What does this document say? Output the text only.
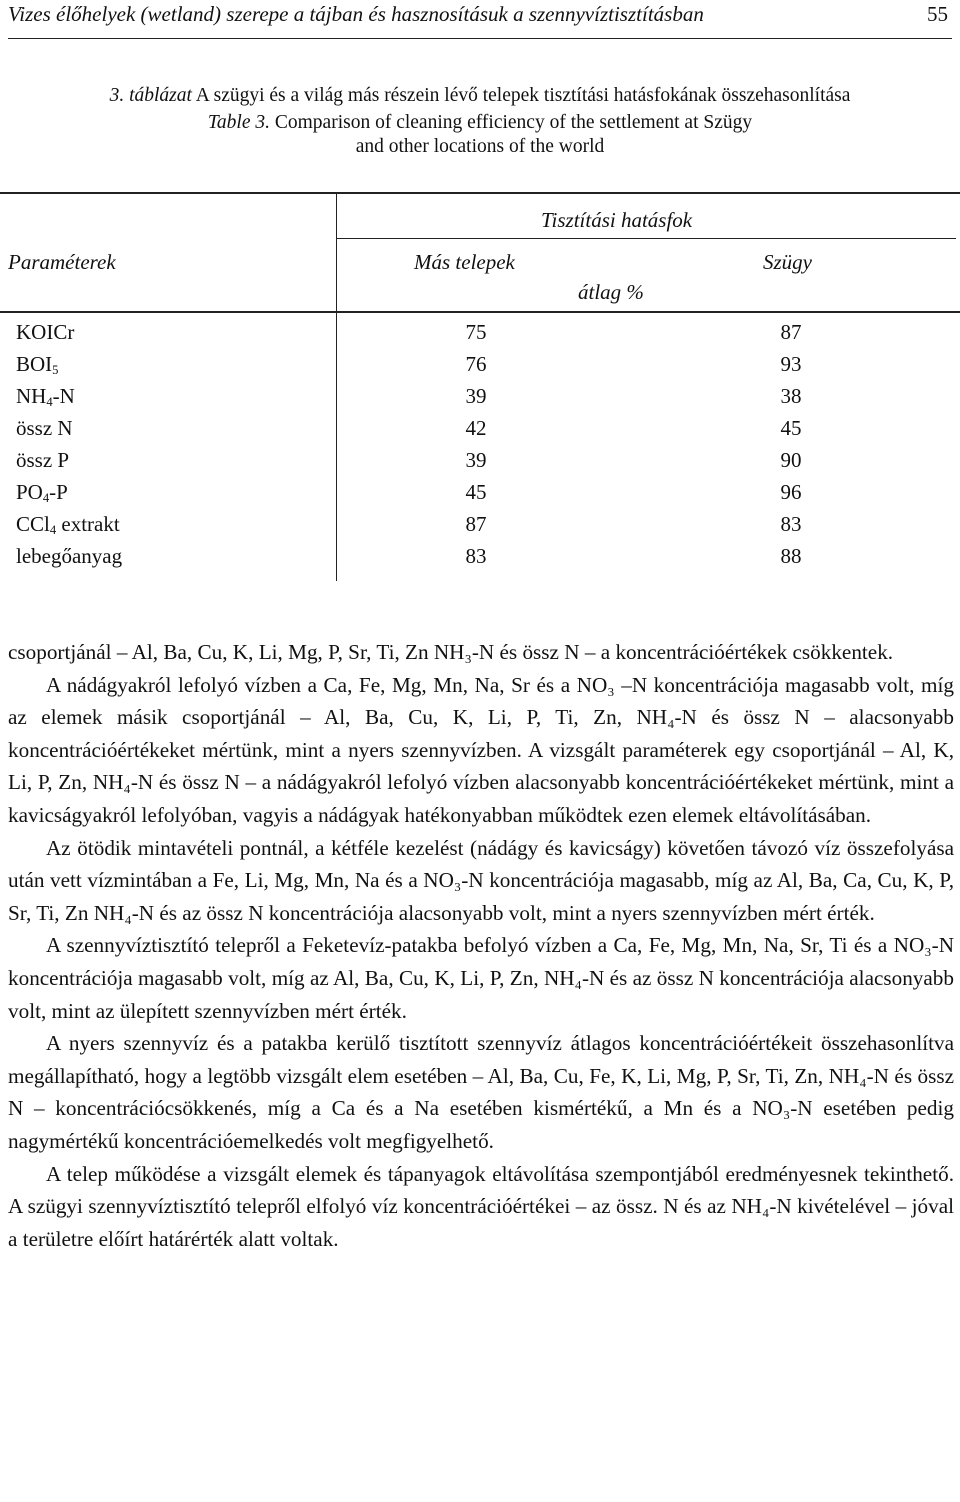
Vizes élőhelyek (wetland) szerepe a tájban és hasznosításuk a szennyvíztisztításban	55
3. táblázat A szügyi és a világ más részein lévő telepek tisztítási hatásfokának összehasonlítása
Table 3. Comparison of cleaning efficiency of the settlement at Szügy
and other locations of the world
Tisztítási hatásfok
Paraméterek	Más telepek	Szügy
átlag %
KOICr	75	87
$BOI_5$	76	93
$NH_4-N$	39	38
össz N	42	45
össz P	39	90
$PO_4-P$	45	96
CCl$_4$ extrakt	87	83
lebegőanyag	83	88

csoportjánál – Al, Ba, Cu, K, Li, Mg, P, Sr, Ti, Zn NH₃-N és össz N – a koncentrációértékek csökkentek.

A nádágyakról lefolyó vízben a Ca, Fe, Mg, Mn, Na, Sr és a NO₃ –N koncentrációja magasabb volt, míg az elemek másik csoportjánál – Al, Ba, Cu, K, Li, P, Ti, Zn, NH₄-N és össz N – alacsonyabb koncentrációértékeket mértünk, mint a nyers szennyvízben. A vizsgált paraméterek egy csoportjánál – Al, K, Li, P, Zn, NH₄-N és össz N – a nádágyakról lefolyó vízben alacsonyabb koncentrációértékeket mértünk, mint a kavicságyakról lefolyóban, vagyis a nádágyak hatékonyabban működtek ezen elemek eltávolításában.

Az ötödik mintavételi pontnál, a kétféle kezelést (nádágy és kavicságy) követően távozó víz összefolyása után vett vízmintában a Fe, Li, Mg, Mn, Na és a NO₃-N koncentrációja magasabb, míg az Al, Ba, Ca, Cu, K, P, Sr, Ti, Zn NH₄-N és az össz N koncentrációja alacsonyabb volt, mint a nyers szennyvízben mért érték.

A szennyvíztisztító telepről a Feketevíz-patakba befolyó vízben a Ca, Fe, Mg, Mn, Na, Sr, Ti és a NO₃-N koncentrációja magasabb volt, míg az Al, Ba, Cu, K, Li, P, Zn, NH₄-N és az össz N koncentrációja alacsonyabb volt, mint az ülepített szennyvízben mért érték.

A nyers szennyvíz és a patakba kerülő tisztított szennyvíz átlagos koncentrációértékeit összehasonlítva megállapítható, hogy a legtöbb vizsgált elem esetében – Al, Ba, Cu, Fe, K, Li, Mg, P, Sr, Ti, Zn, NH₄-N és össz N – koncentrációcsökkenés, míg a Ca és a Na esetében kismértékű, a Mn és a NO₃-N esetében pedig nagymértékű koncentrációemelkedés volt megfigyelhető.

A telep működése a vizsgált elemek és tápanyagok eltávolítása szempontjából eredményesnek tekinthető. A szügyi szennyvíztisztító telepről elfolyó víz koncentrációértékei – az össz. N és az NH₄-N kivételével – jóval a területre előírt határérték alatt voltak.
